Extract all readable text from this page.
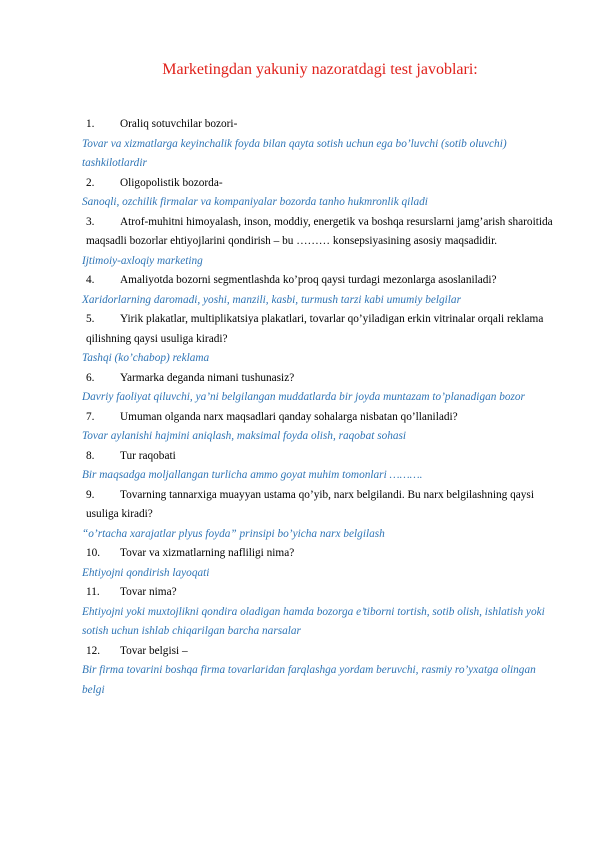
Marketingdan yakuniy nazoratdagi test javoblari:
1. Oraliq sotuvchilar bozori-
Tovar va xizmatlarga keyinchalik foyda bilan qayta sotish uchun ega bo’luvchi (sotib oluvchi) tashkilotlardir
2. Oligopolistik bozorda-
Sanoqli, ozchilik firmalar va kompaniyalar bozorda tanho hukmronlik qiladi
3. Atrof-muhitni himoyalash, inson, moddiy, energetik va boshqa resurslarni jamg’arish sharoitida maqsadli bozorlar ehtiyojlarini qondirish – bu ……… konsepsiyasining asosiy maqsadidir.
Ijtimoiy-axloqiy marketing
4. Amaliyotda bozorni segmentlashda ko’proq qaysi turdagi mezonlarga asoslaniladi?
Xaridorlarning daromadi, yoshi, manzili, kasbi, turmush tarzi kabi umumiy belgilar
5. Yirik plakatlar, multiplikatsiya plakatlari, tovarlar qo’yiladigan erkin vitrinalar orqali reklama qilishning qaysi usuliga kiradi?
Tashqi (ko’chabop) reklama
6. Yarmarka deganda nimani tushunasiz?
Davriy faoliyat qiluvchi, ya’ni belgilangan muddatlarda bir joyda muntazam to’planadigan bozor
7. Umuman olganda narx maqsadlari qanday sohalarga nisbatan qo’llaniladi?
Tovar aylanishi hajmini aniqlash, maksimal foyda olish, raqobat sohasi
8. Tur raqobati
Bir maqsadga moljallangan turlicha ammo goyat muhim tomonlari ……….
9. Tovarning tannarxiga muayyan ustama qo’yib, narx belgilandi. Bu narx belgilashning qaysi usuliga kiradi?
“o’rtacha xarajatlar plyus foyda” prinsipi bo’yicha narx belgilash
10. Tovar va xizmatlarning nafliligi nima?
Ehtiyojni qondirish layoqati
11. Tovar nima?
Ehtiyojni yoki muxtojlikni qondira oladigan hamda bozorga e’tiborni tortish, sotib olish, ishlatish yoki sotish uchun ishlab chiqarilgan barcha narsalar
12. Tovar belgisi –
Bir firma tovarini boshqa firma tovarlaridan farqlashga yordam beruvchi, rasmiy ro’yxatga olingan belgi
